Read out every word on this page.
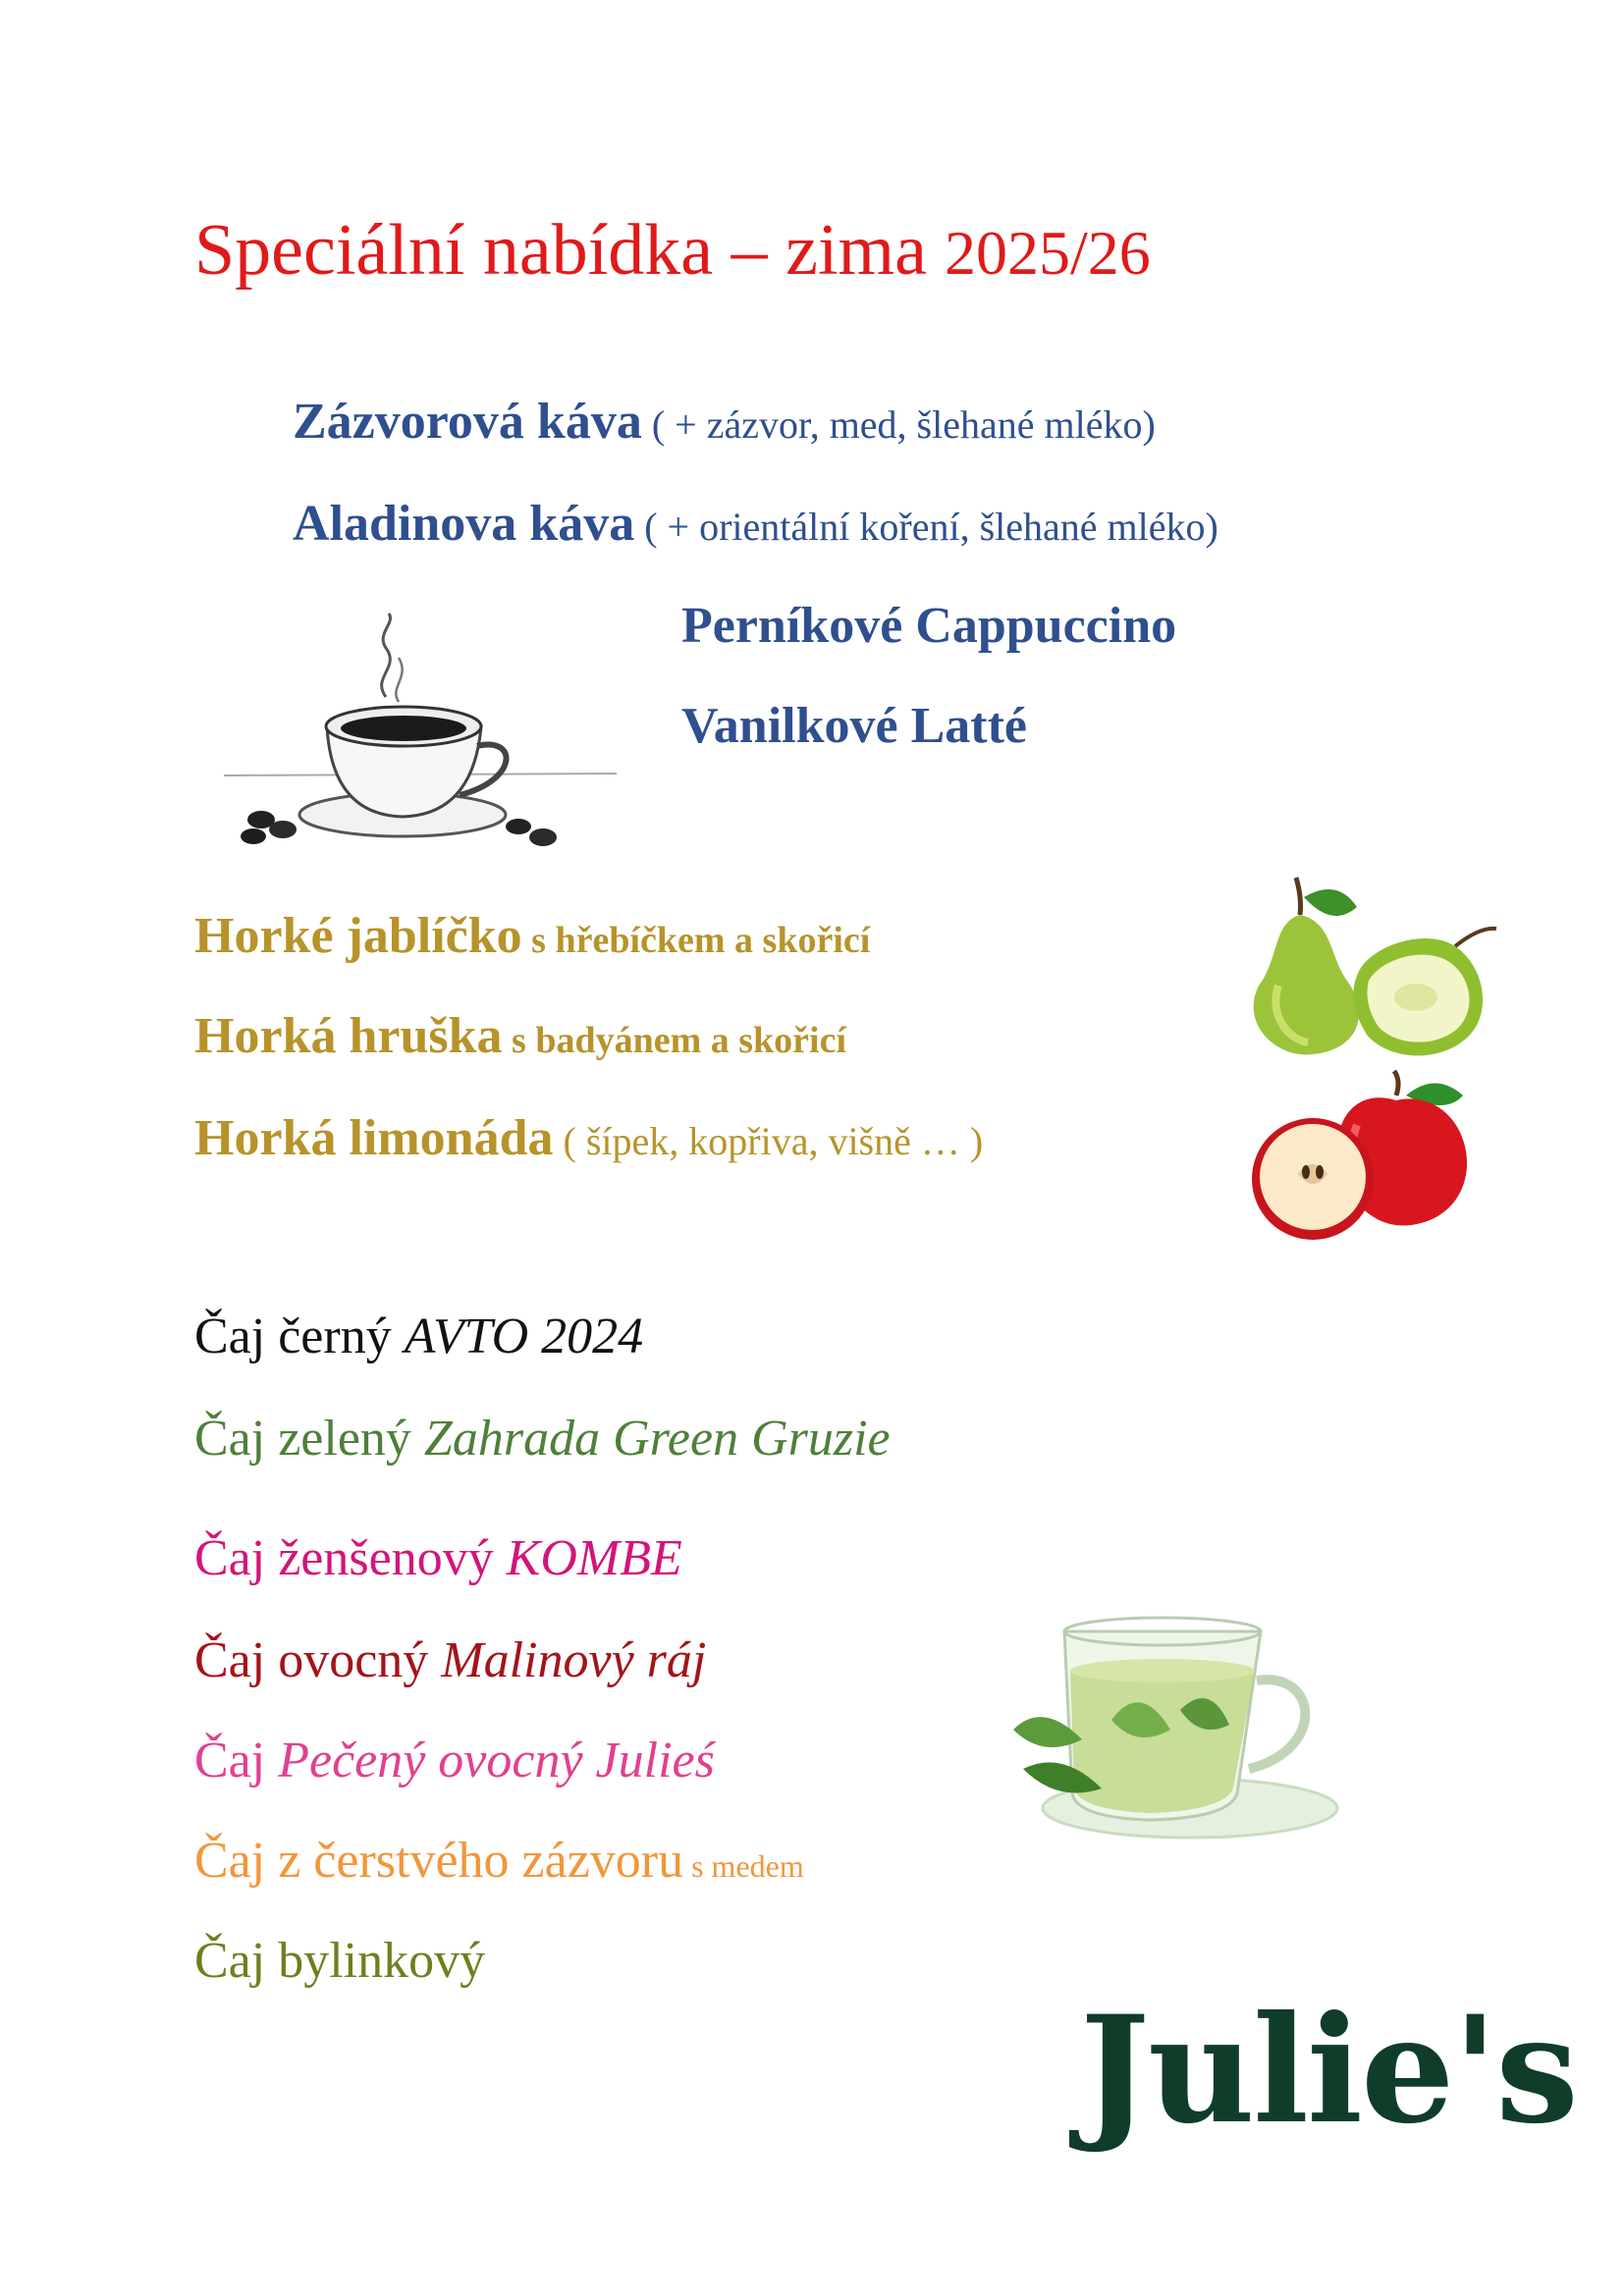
Speciální nabídka – zima 2025/26
Zázvorová káva ( + zázvor, med, šlehané mléko)
Aladinova káva ( + orientální koření, šlehané mléko)
Perníkové Cappuccino
Vanilkové Latté
Horké jablíčko s hřebíčkem a skořicí
Horká hruška s badyánem a skořicí
Horká limonáda ( šípek, kopřiva, višně … )
Čaj černý AVTO 2024
Čaj zelený Zahrada Green Gruzie
Čaj ženšenový KOMBE
Čaj ovocný Malinový ráj
Čaj Pečený ovocný Julieś
Čaj z čerstvého zázvoru s medem
Čaj bylinkový
Julie's
